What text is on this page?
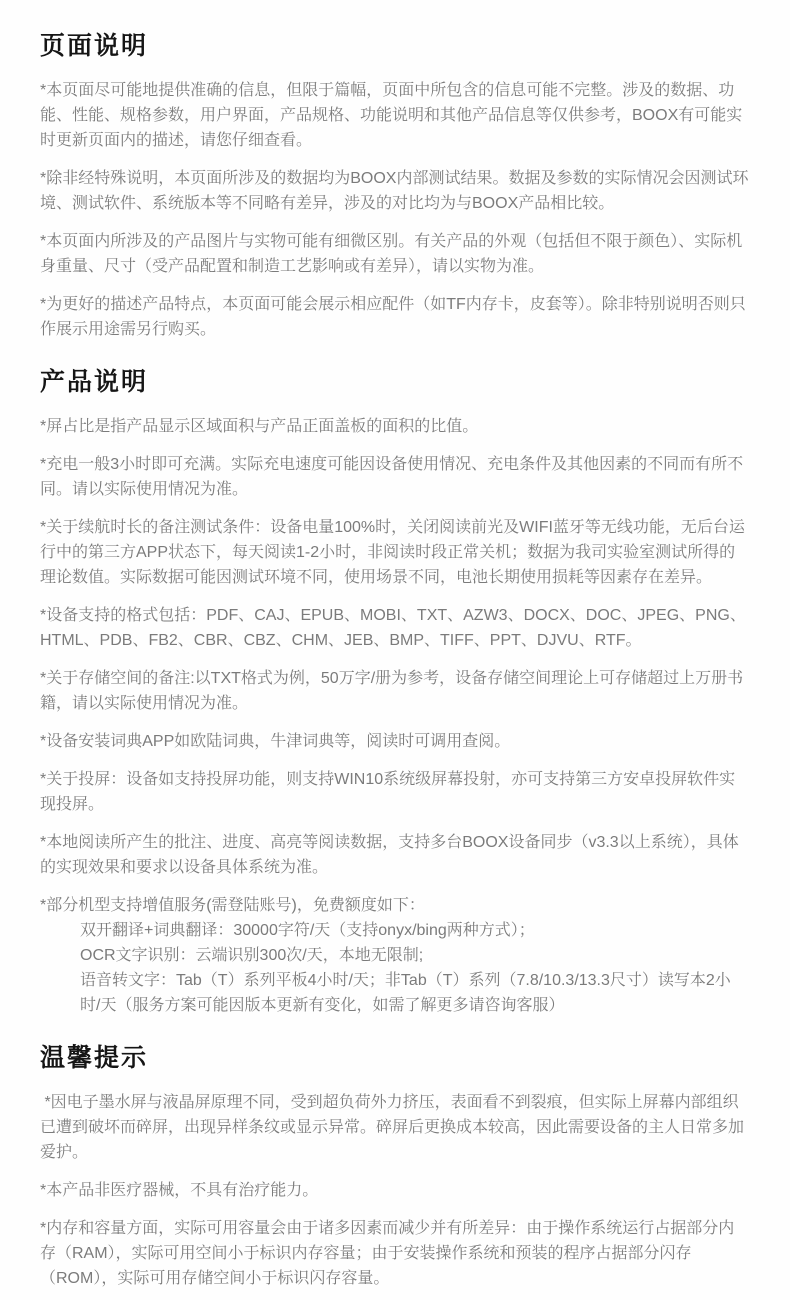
页面说明

*本页面尽可能地提供准确的信息，但限于篇幅，页面中所包含的信息可能不完整。涉及的数据、功能、性能、规格参数，用户界面，产品规格、功能说明和其他产品信息等仅供参考，BOOX有可能实时更新页面内的描述，请您仔细查看。

*除非经特殊说明，本页面所涉及的数据均为BOOX内部测试结果。数据及参数的实际情况会因测试环境、测试软件、系统版本等不同略有差异，涉及的对比均为与BOOX产品相比较。

*本页面内所涉及的产品图片与实物可能有细微区别。有关产品的外观（包括但不限于颜色）、实际机身重量、尺寸（受产品配置和制造工艺影响或有差异），请以实物为准。

*为更好的描述产品特点，本页面可能会展示相应配件（如TF内存卡，皮套等）。除非特别说明否则只作展示用途需另行购买。

产品说明

*屏占比是指产品显示区域面积与产品正面盖板的面积的比值。

*充电一般3小时即可充满。实际充电速度可能因设备使用情况、充电条件及其他因素的不同而有所不同。请以实际使用情况为准。

*关于续航时长的备注测试条件：设备电量100%时，关闭阅读前光及WIFI蓝牙等无线功能，无后台运行中的第三方APP状态下，每天阅读1-2小时，非阅读时段正常关机；数据为我司实验室测试所得的理论数值。实际数据可能因测试环境不同，使用场景不同，电池长期使用损耗等因素存在差异。

*设备支持的格式包括：PDF、CAJ、EPUB、MOBI、TXT、AZW3、DOCX、DOC、JPEG、PNG、HTML、PDB、FB2、CBR、CBZ、CHM、JEB、BMP、TIFF、PPT、DJVU、RTF。

*关于存储空间的备注:以TXT格式为例，50万字/册为参考，设备存储空间理论上可存储超过上万册书籍，请以实际使用情况为准。

*设备安装词典APP如欧陆词典，牛津词典等，阅读时可调用查阅。

*关于投屏：设备如支持投屏功能，则支持WIN10系统级屏幕投射，亦可支持第三方安卓投屏软件实现投屏。

*本地阅读所产生的批注、进度、高亮等阅读数据，支持多台BOOX设备同步（v3.3以上系统），具体的实现效果和要求以设备具体系统为准。

*部分机型支持增值服务(需登陆账号)，免费额度如下：

双开翻译+词典翻译：30000字符/天（支持onyx/bing两种方式）；

OCR文字识别：云端识别300次/天，本地无限制;

语音转文字：Tab（T）系列平板4小时/天；非Tab（T）系列（7.8/10.3/13.3尺寸）读写本2小时/天（服务方案可能因版本更新有变化，如需了解更多请咨询客服）

温馨提示

*因电子墨水屏与液晶屏原理不同，受到超负荷外力挤压，表面看不到裂痕，但实际上屏幕内部组织已遭到破坏而碎屏，出现异样条纹或显示异常。碎屏后更换成本较高，因此需要设备的主人日常多加爱护。

*本产品非医疗器械，不具有治疗能力。

*内存和容量方面，实际可用容量会由于诸多因素而减少并有所差异：由于操作系统运行占据部分内存（RAM），实际可用空间小于标识内存容量；由于安装操作系统和预装的程序占据部分闪存（ROM），实际可用存储空间小于标识闪存容量。
